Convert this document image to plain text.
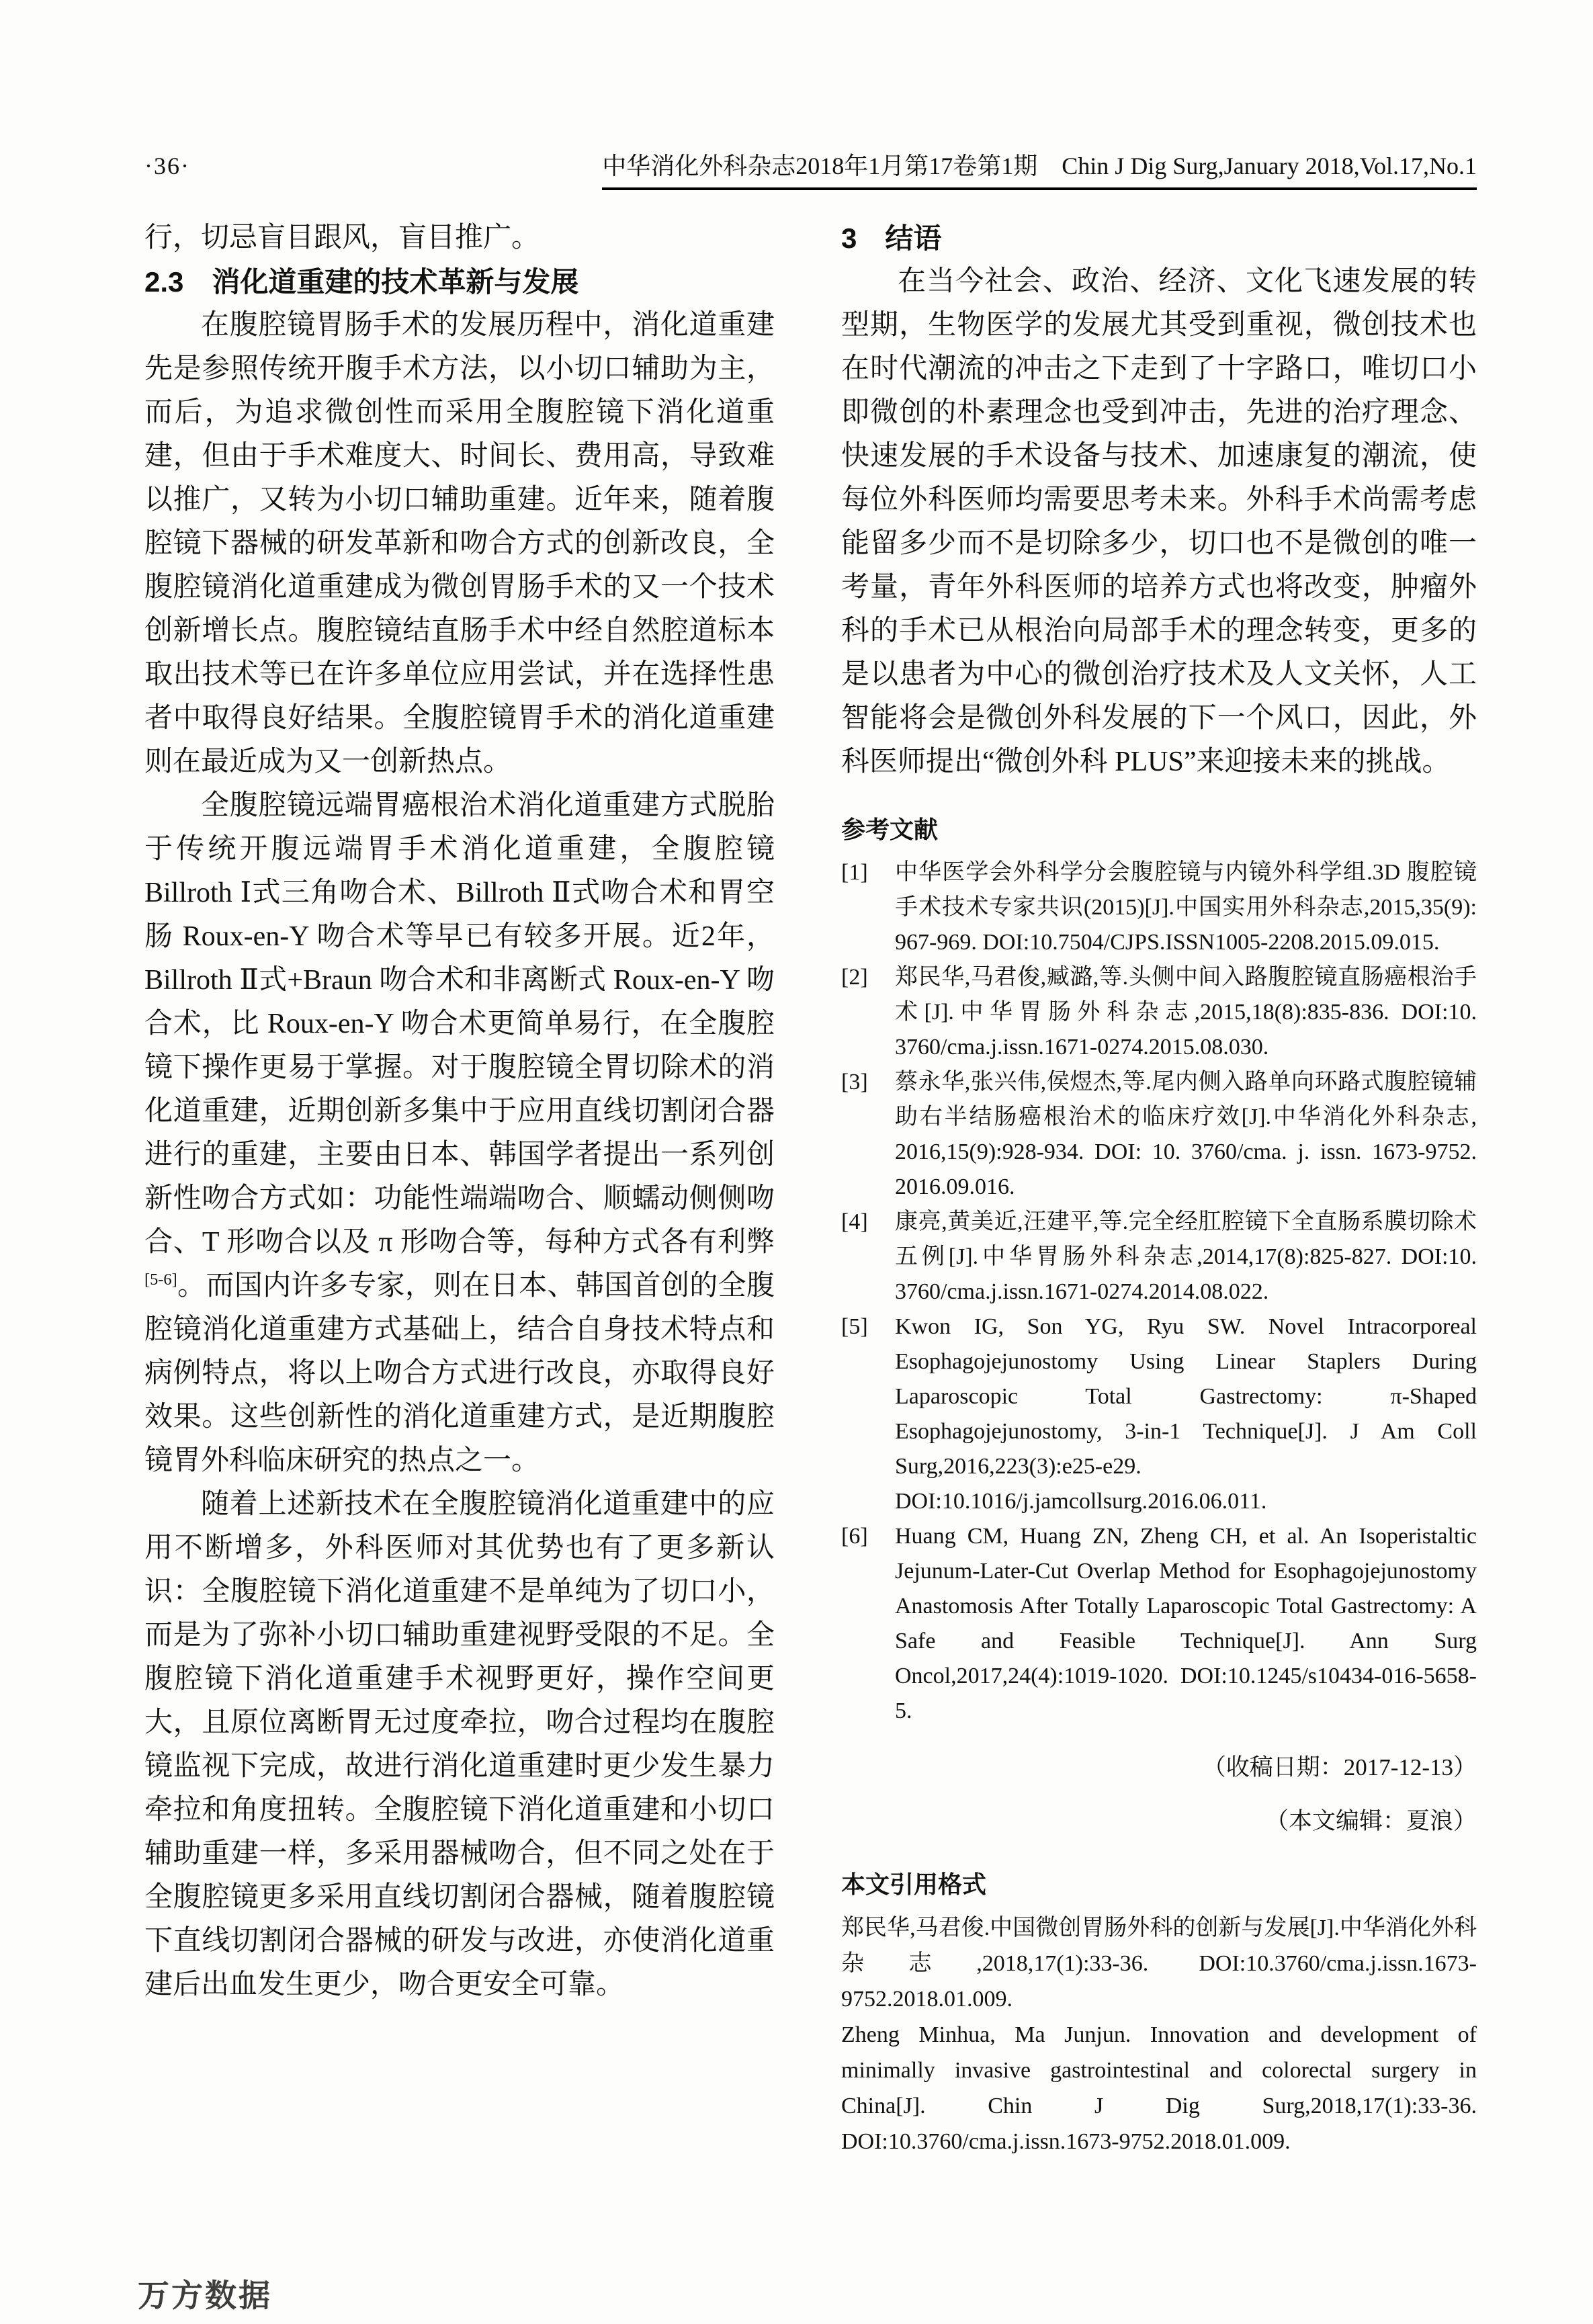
·36·	中华消化外科杂志2018年1月第17卷第1期　Chin J Dig Surg,January 2018,Vol.17,No.1

行，切忌盲目跟风，盲目推广。

2.3　消化道重建的技术革新与发展

在腹腔镜胃肠手术的发展历程中，消化道重建先是参照传统开腹手术方法，以小切口辅助为主，而后，为追求微创性而采用全腹腔镜下消化道重建，但由于手术难度大、时间长、费用高，导致难以推广，又转为小切口辅助重建。近年来，随着腹腔镜下器械的研发革新和吻合方式的创新改良，全腹腔镜消化道重建成为微创胃肠手术的又一个技术创新增长点。腹腔镜结直肠手术中经自然腔道标本取出技术等已在许多单位应用尝试，并在选择性患者中取得良好结果。全腹腔镜胃手术的消化道重建则在最近成为又一创新热点。

全腹腔镜远端胃癌根治术消化道重建方式脱胎于传统开腹远端胃手术消化道重建，全腹腔镜 Billroth Ⅰ式三角吻合术、Billroth Ⅱ式吻合术和胃空肠 Roux-en-Y 吻合术等早已有较多开展。近2年，Billroth Ⅱ式+Braun 吻合术和非离断式 Roux-en-Y 吻合术，比 Roux-en-Y 吻合术更简单易行，在全腹腔镜下操作更易于掌握。对于腹腔镜全胃切除术的消化道重建，近期创新多集中于应用直线切割闭合器进行的重建，主要由日本、韩国学者提出一系列创新性吻合方式如：功能性端端吻合、顺蠕动侧侧吻合、T 形吻合以及 π 形吻合等，每种方式各有利弊[5-6]。而国内许多专家，则在日本、韩国首创的全腹腔镜消化道重建方式基础上，结合自身技术特点和病例特点，将以上吻合方式进行改良，亦取得良好效果。这些创新性的消化道重建方式，是近期腹腔镜胃外科临床研究的热点之一。

随着上述新技术在全腹腔镜消化道重建中的应用不断增多，外科医师对其优势也有了更多新认识：全腹腔镜下消化道重建不是单纯为了切口小，而是为了弥补小切口辅助重建视野受限的不足。全腹腔镜下消化道重建手术视野更好，操作空间更大，且原位离断胃无过度牵拉，吻合过程均在腹腔镜监视下完成，故进行消化道重建时更少发生暴力牵拉和角度扭转。全腹腔镜下消化道重建和小切口辅助重建一样，多采用器械吻合，但不同之处在于全腹腔镜更多采用直线切割闭合器械，随着腹腔镜下直线切割闭合器械的研发与改进，亦使消化道重建后出血发生更少，吻合更安全可靠。

3　结语

在当今社会、政治、经济、文化飞速发展的转型期，生物医学的发展尤其受到重视，微创技术也在时代潮流的冲击之下走到了十字路口，唯切口小即微创的朴素理念也受到冲击，先进的治疗理念、快速发展的手术设备与技术、加速康复的潮流，使每位外科医师均需要思考未来。外科手术尚需考虑能留多少而不是切除多少，切口也不是微创的唯一考量，青年外科医师的培养方式也将改变，肿瘤外科的手术已从根治向局部手术的理念转变，更多的是以患者为中心的微创治疗技术及人文关怀，人工智能将会是微创外科发展的下一个风口，因此，外科医师提出“微创外科 PLUS”来迎接未来的挑战。

参考文献
[1] 中华医学会外科学分会腹腔镜与内镜外科学组.3D 腹腔镜手术技术专家共识(2015)[J].中国实用外科杂志,2015,35(9): 967-969. DOI:10.7504/CJPS.ISSN1005-2208.2015.09.015.
[2] 郑民华,马君俊,臧潞,等.头侧中间入路腹腔镜直肠癌根治手术[J].中华胃肠外科杂志,2015,18(8):835-836. DOI:10. 3760/cma.j.issn.1671-0274.2015.08.030.
[3] 蔡永华,张兴伟,侯煜杰,等.尾内侧入路单向环路式腹腔镜辅助右半结肠癌根治术的临床疗效[J].中华消化外科杂志, 2016,15(9):928-934. DOI: 10. 3760/cma. j. issn. 1673-9752. 2016.09.016.
[4] 康亮,黄美近,汪建平,等.完全经肛腔镜下全直肠系膜切除术五例[J].中华胃肠外科杂志,2014,17(8):825-827. DOI:10. 3760/cma.j.issn.1671-0274.2014.08.022.
[5] Kwon IG, Son YG, Ryu SW. Novel Intracorporeal Esophagojejunostomy Using Linear Staplers During Laparoscopic Total Gastrectomy: π-Shaped Esophagojejunostomy, 3-in-1 Technique[J]. J Am Coll Surg,2016,223(3):e25-e29. DOI:10.1016/j.jamcollsurg.2016.06.011.
[6] Huang CM, Huang ZN, Zheng CH, et al. An Isoperistaltic Jejunum-Later-Cut Overlap Method for Esophagojejunostomy Anastomosis After Totally Laparoscopic Total Gastrectomy: A Safe and Feasible Technique[J]. Ann Surg Oncol,2017,24(4):1019-1020. DOI:10.1245/s10434-016-5658-5.
（收稿日期：2017-12-13）
（本文编辑：夏浪）
本文引用格式

郑民华,马君俊.中国微创胃肠外科的创新与发展[J].中华消化外科杂志,2018,17(1):33-36. DOI:10.3760/cma.j.issn.1673-9752.2018.01.009.

Zheng Minhua, Ma Junjun. Innovation and development of minimally invasive gastrointestinal and colorectal surgery in China[J]. Chin J Dig Surg,2018,17(1):33-36. DOI:10.3760/cma.j.issn.1673-9752.2018.01.009.

万方数据
